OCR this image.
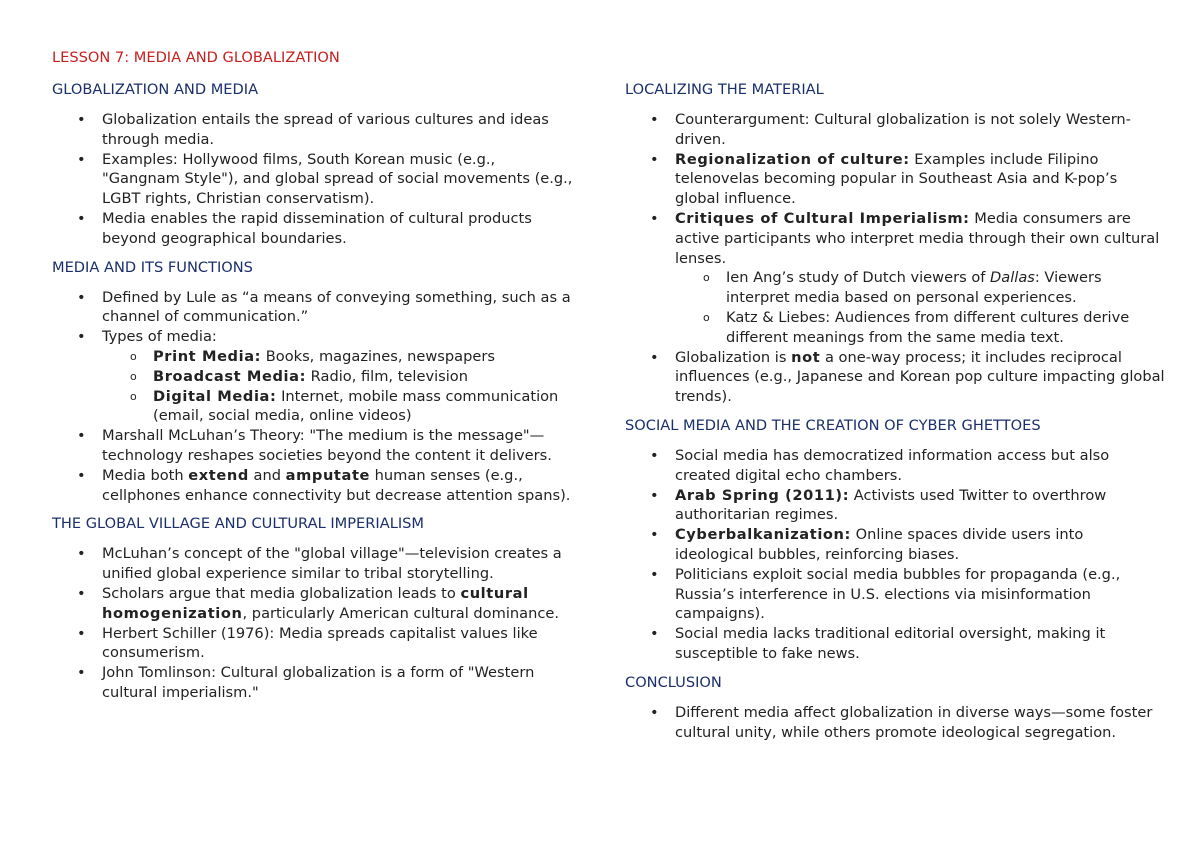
LESSON 7: MEDIA AND GLOBALIZATION
GLOBALIZATION AND MEDIA
• Globalization entails the spread of various cultures and ideas through media.
• Examples: Hollywood films, South Korean music (e.g., "Gangnam Style"), and global spread of social movements (e.g., LGBT rights, Christian conservatism).
• Media enables the rapid dissemination of cultural products beyond geographical boundaries.
MEDIA AND ITS FUNCTIONS
• Defined by Lule as “a means of conveying something, such as a channel of communication.”
• Types of media:
o Print Media: Books, magazines, newspapers
o Broadcast Media: Radio, film, television
o Digital Media: Internet, mobile mass communication (email, social media, online videos)
• Marshall McLuhan’s Theory: "The medium is the message"—technology reshapes societies beyond the content it delivers.
• Media both extend and amputate human senses (e.g., cellphones enhance connectivity but decrease attention spans).
THE GLOBAL VILLAGE AND CULTURAL IMPERIALISM
• McLuhan’s concept of the "global village"—television creates a unified global experience similar to tribal storytelling.
• Scholars argue that media globalization leads to cultural homogenization, particularly American cultural dominance.
• Herbert Schiller (1976): Media spreads capitalist values like consumerism.
• John Tomlinson: Cultural globalization is a form of "Western cultural imperialism."
LOCALIZING THE MATERIAL
• Counterargument: Cultural globalization is not solely Western-driven.
• Regionalization of culture: Examples include Filipino telenovelas becoming popular in Southeast Asia and K-pop’s global influence.
• Critiques of Cultural Imperialism: Media consumers are active participants who interpret media through their own cultural lenses.
o Ien Ang’s study of Dutch viewers of Dallas: Viewers interpret media based on personal experiences.
o Katz & Liebes: Audiences from different cultures derive different meanings from the same media text.
• Globalization is not a one-way process; it includes reciprocal influences (e.g., Japanese and Korean pop culture impacting global trends).
SOCIAL MEDIA AND THE CREATION OF CYBER GHETTOES
• Social media has democratized information access but also created digital echo chambers.
• Arab Spring (2011): Activists used Twitter to overthrow authoritarian regimes.
• Cyberbalkanization: Online spaces divide users into ideological bubbles, reinforcing biases.
• Politicians exploit social media bubbles for propaganda (e.g., Russia’s interference in U.S. elections via misinformation campaigns).
• Social media lacks traditional editorial oversight, making it susceptible to fake news.
CONCLUSION
• Different media affect globalization in diverse ways—some foster cultural unity, while others promote ideological segregation.
